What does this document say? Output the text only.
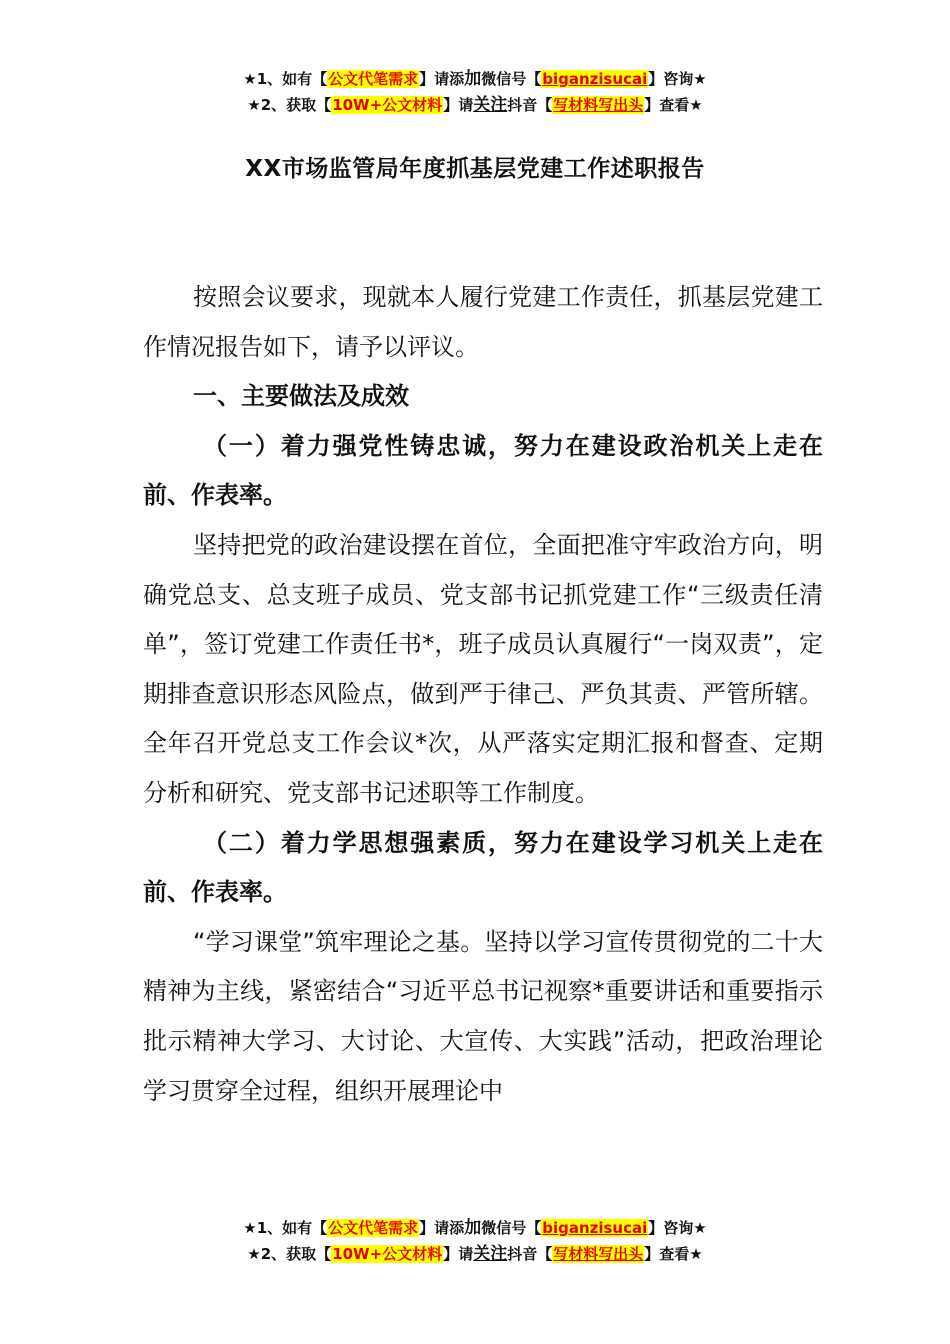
★1、如有【公文代笔需求】请添加微信号【biganzisucai】咨询★
★2、获取【10W+公文材料】请关注抖音【写材料写出头】查看★
XX市场监管局年度抓基层党建工作述职报告

按照会议要求，现就本人履行党建工作责任，抓基层党建工作情况报告如下，请予以评议。

一、主要做法及成效

（一）着力强党性铸忠诚，努力在建设政治机关上走在前、作表率。

坚持把党的政治建设摆在首位，全面把准守牢政治方向，明确党总支、总支班子成员、党支部书记抓党建工作“三级责任清单”，签订党建工作责任书*，班子成员认真履行“一岗双责”，定期排查意识形态风险点，做到严于律己、严负其责、严管所辖。全年召开党总支工作会议*次，从严落实定期汇报和督查、定期分析和研究、党支部书记述职等工作制度。

（二）着力学思想强素质，努力在建设学习机关上走在前、作表率。

“学习课堂”筑牢理论之基。坚持以学习宣传贯彻党的二十大精神为主线，紧密结合“习近平总书记视察*重要讲话和重要指示批示精神大学习、大讨论、大宣传、大实践”活动，把政治理论学习贯穿全过程，组织开展理论中

★1、如有【公文代笔需求】请添加微信号【biganzisucai】咨询★
★2、获取【10W+公文材料】请关注抖音【写材料写出头】查看★
